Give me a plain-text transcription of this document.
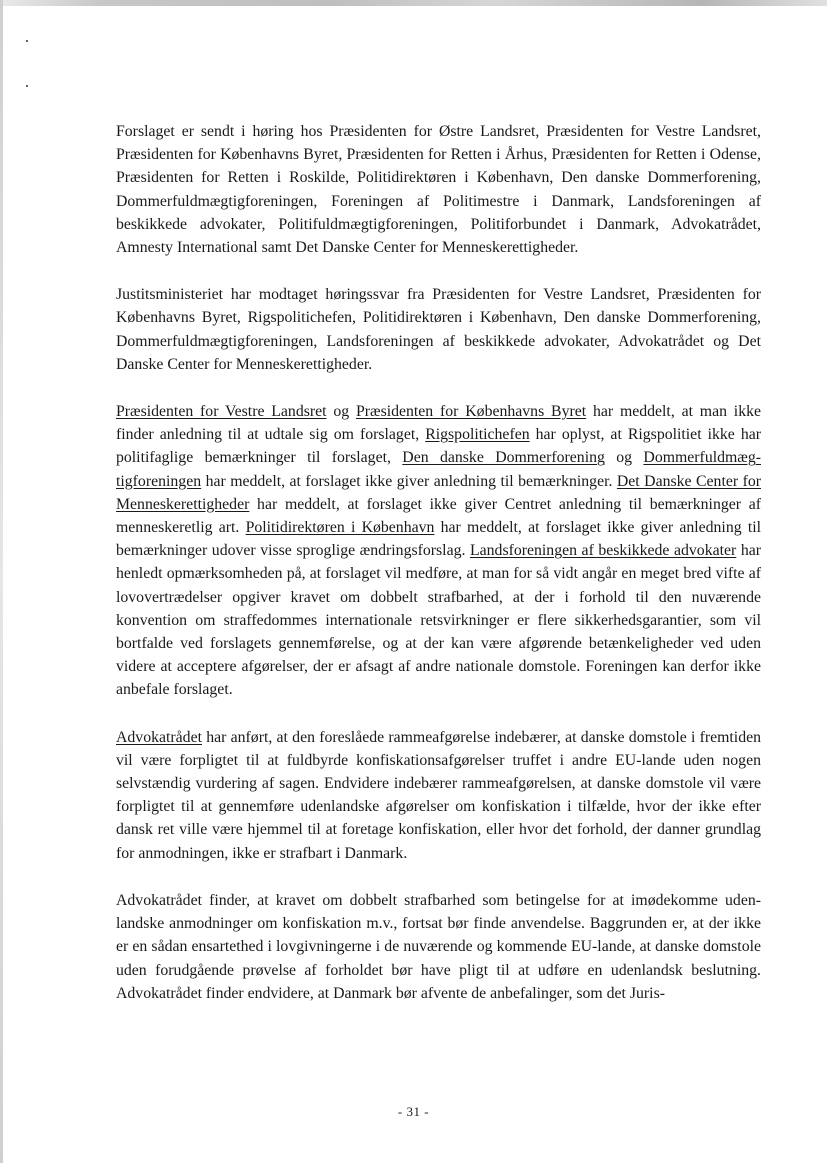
Forslaget er sendt i høring hos Præsidenten for Østre Landsret, Præsidenten for Vestre Landsret, Præsidenten for Københavns Byret, Præsidenten for Retten i Århus, Præsidenten for Retten i Odense, Præsidenten for Retten i Roskilde, Politidirektøren i København, Den danske Dommerforening, Dommerfuldmægtigforeningen, Foreningen af Politimestre i Danmark, Landsforeningen af beskikkede advokater, Politifuldmægtigforeningen, Politiforbundet i Danmark, Advokatrådet, Amnesty International samt Det Danske Center for Menneskerettigheder.

Justitsministeriet har modtaget høringssvar fra Præsidenten for Vestre Landsret, Præsidenten for Københavns Byret, Rigspolitichefen, Politidirektøren i København, Den danske Dommerforening, Dommerfuldmægtigforeningen, Landsforeningen af beskikkede advokater, Advokatrådet og Det Danske Center for Menneskerettigheder.

Præsidenten for Vestre Landsret og Præsidenten for Københavns Byret har meddelt, at man ikke finder anledning til at udtale sig om forslaget, Rigspolitichefen har oplyst, at Rigspolitiet ikke har politifaglige bemærkninger til forslaget, Den danske Dommerforening og Dommerfuldmægtigforeningen har meddelt, at forslaget ikke giver anledning til bemærkninger. Det Danske Center for Menneskerettigheder har meddelt, at forslaget ikke giver Centret anledning til bemærkninger af menneskeretlig art. Politidirektøren i København har meddelt, at forslaget ikke giver anledning til bemærkninger udover visse sproglige ændringsforslag. Landsforeningen af beskikkede advokater har henledt opmærksomheden på, at forslaget vil medføre, at man for så vidt angår en meget bred vifte af lovovertrædelser opgiver kravet om dobbelt strafbarhed, at der i forhold til den nuværende konvention om straffedommes internationale retsvirkninger er flere sikkerhedsgarantier, som vil bortfalde ved forslagets gennemførelse, og at der kan være afgørende betænkeligheder ved uden videre at acceptere afgørelser, der er afsagt af andre nationale domstole. Foreningen kan derfor ikke anbefale forslaget.

Advokatrådet har anført, at den foreslåede rammeafgørelse indebærer, at danske domstole i fremtiden vil være forpligtet til at fuldbyrde konfiskationsafgørelser truffet i andre EU-lande uden nogen selvstændig vurdering af sagen. Endvidere indebærer rammeafgørelsen, at danske domstole vil være forpligtet til at gennemføre udenlandske afgørelser om konfiskation i tilfælde, hvor der ikke efter dansk ret ville være hjemmel til at foretage konfiskation, eller hvor det forhold, der danner grundlag for anmodningen, ikke er strafbart i Danmark.

Advokatrådet finder, at kravet om dobbelt strafbarhed som betingelse for at imødekomme udenlandske anmodninger om konfiskation m.v., fortsat bør finde anvendelse. Baggrunden er, at der ikke er en sådan ensartethed i lovgivningerne i de nuværende og kommende EU-lande, at danske domstole uden forudgående prøvelse af forholdet bør have pligt til at udføre en udenlandsk beslutning. Advokatrådet finder endvidere, at Danmark bør afvente de anbefalinger, som det Juris-

- 31 -
